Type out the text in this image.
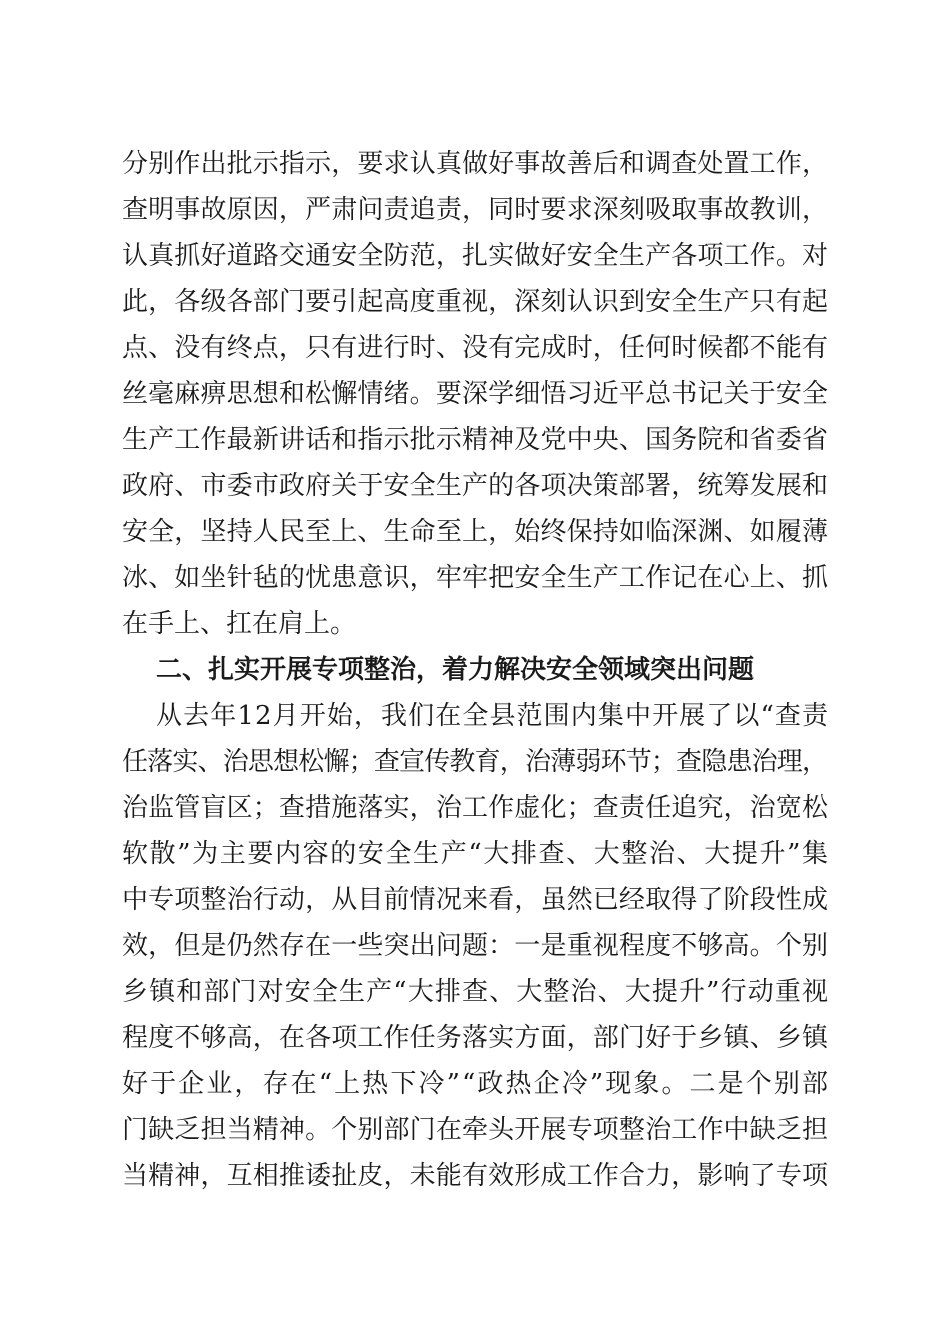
分别作出批示指示，要求认真做好事故善后和调查处置工作，
查明事故原因，严肃问责追责，同时要求深刻吸取事故教训，
认真抓好道路交通安全防范，扎实做好安全生产各项工作。对
此，各级各部门要引起高度重视，深刻认识到安全生产只有起
点、没有终点，只有进行时、没有完成时，任何时候都不能有
丝毫麻痹思想和松懈情绪。要深学细悟习近平总书记关于安全
生产工作最新讲话和指示批示精神及党中央、国务院和省委省
政府、市委市政府关于安全生产的各项决策部署，统筹发展和
安全，坚持人民至上、生命至上，始终保持如临深渊、如履薄
冰、如坐针毡的忧患意识，牢牢把安全生产工作记在心上、抓
在手上、扛在肩上。
二、扎实开展专项整治，着力解决安全领域突出问题
从去年12月开始，我们在全县范围内集中开展了以“查责
任落实、治思想松懈；查宣传教育，治薄弱环节；查隐患治理，
治监管盲区；查措施落实，治工作虚化；查责任追究，治宽松
软散”为主要内容的安全生产“大排查、大整治、大提升”集
中专项整治行动，从目前情况来看，虽然已经取得了阶段性成
效，但是仍然存在一些突出问题：一是重视程度不够高。个别
乡镇和部门对安全生产“大排查、大整治、大提升”行动重视
程度不够高，在各项工作任务落实方面，部门好于乡镇、乡镇
好于企业，存在“上热下冷”“政热企冷”现象。二是个别部
门缺乏担当精神。个别部门在牵头开展专项整治工作中缺乏担
当精神，互相推诿扯皮，未能有效形成工作合力，影响了专项
